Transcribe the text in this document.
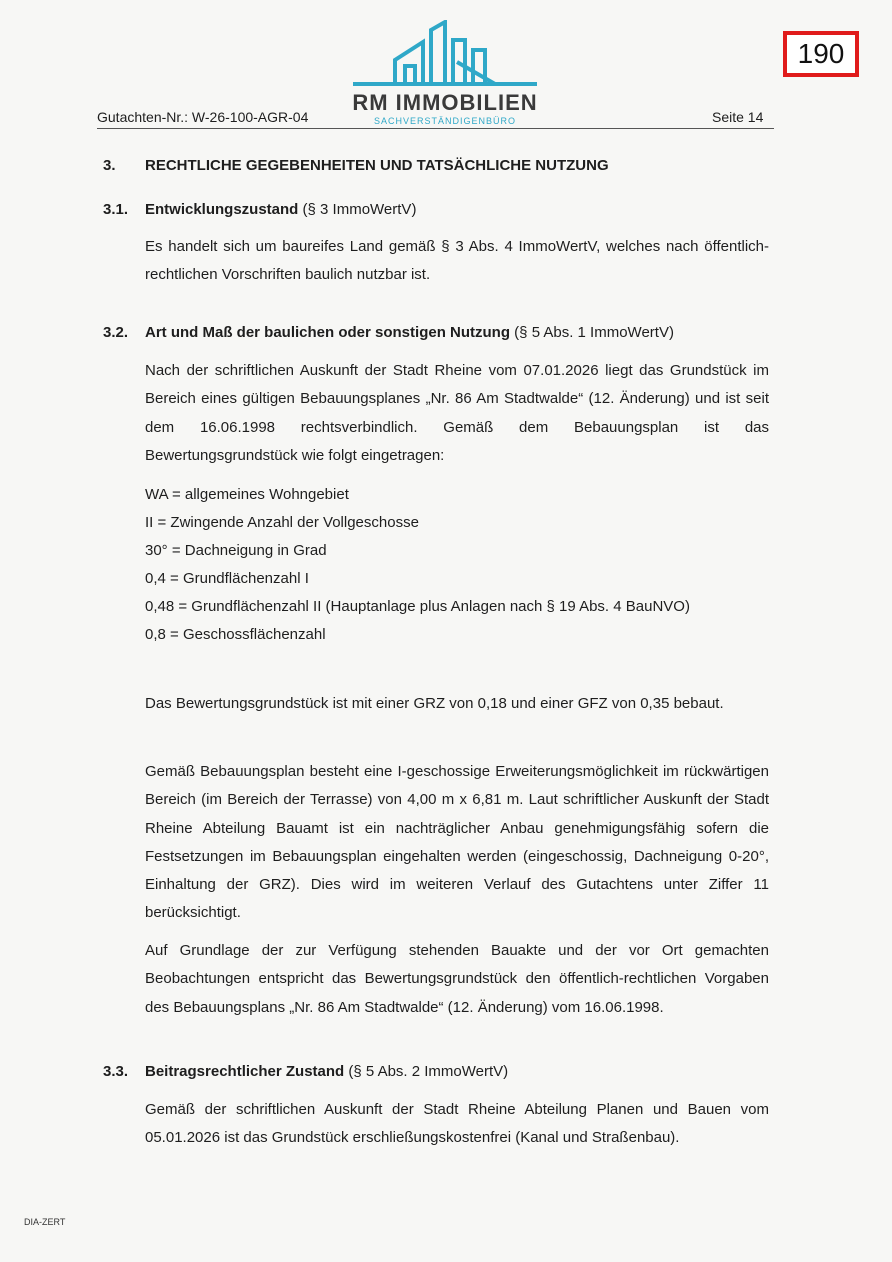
190
RM IMMOBILIEN
SACHVERSTÄNDIGENBÜRO
Gutachten-Nr.: W-26-100-AGR-04	Seite 14
3. RECHTLICHE GEGEBENHEITEN UND TATSÄCHLICHE NUTZUNG
3.1. Entwicklungszustand (§ 3 ImmoWertV)
Es handelt sich um baureifes Land gemäß § 3 Abs. 4 ImmoWertV, welches nach öffentlich-rechtlichen Vorschriften baulich nutzbar ist.
3.2. Art und Maß der baulichen oder sonstigen Nutzung (§ 5 Abs. 1 ImmoWertV)
Nach der schriftlichen Auskunft der Stadt Rheine vom 07.01.2026 liegt das Grundstück im Bereich eines gültigen Bebauungsplanes „Nr. 86 Am Stadtwalde“ (12. Änderung) und ist seit dem 16.06.1998 rechtsverbindlich. Gemäß dem Bebauungsplan ist das Bewertungsgrundstück wie folgt eingetragen:
WA = allgemeines Wohngebiet
II = Zwingende Anzahl der Vollgeschosse
30° = Dachneigung in Grad
0,4 = Grundflächenzahl I
0,48 = Grundflächenzahl II (Hauptanlage plus Anlagen nach § 19 Abs. 4 BauNVO)
0,8 = Geschossflächenzahl
Das Bewertungsgrundstück ist mit einer GRZ von 0,18 und einer GFZ von 0,35 bebaut.
Gemäß Bebauungsplan besteht eine I-geschossige Erweiterungsmöglichkeit im rückwärtigen Bereich (im Bereich der Terrasse) von 4,00 m x 6,81 m. Laut schriftlicher Auskunft der Stadt Rheine Abteilung Bauamt ist ein nachträglicher Anbau genehmigungsfähig sofern die Festsetzungen im Bebauungsplan eingehalten werden (eingeschossig, Dachneigung 0-20°, Einhaltung der GRZ). Dies wird im weiteren Verlauf des Gutachtens unter Ziffer 11 berücksichtigt.
Auf Grundlage der zur Verfügung stehenden Bauakte und der vor Ort gemachten Beobachtungen entspricht das Bewertungsgrundstück den öffentlich-rechtlichen Vorgaben des Bebauungsplans „Nr. 86 Am Stadtwalde“ (12. Änderung) vom 16.06.1998.
3.3. Beitragsrechtlicher Zustand (§ 5 Abs. 2 ImmoWertV)
Gemäß der schriftlichen Auskunft der Stadt Rheine Abteilung Planen und Bauen vom 05.01.2026 ist das Grundstück erschließungskostenfrei (Kanal und Straßenbau).
DIA-ZERT
